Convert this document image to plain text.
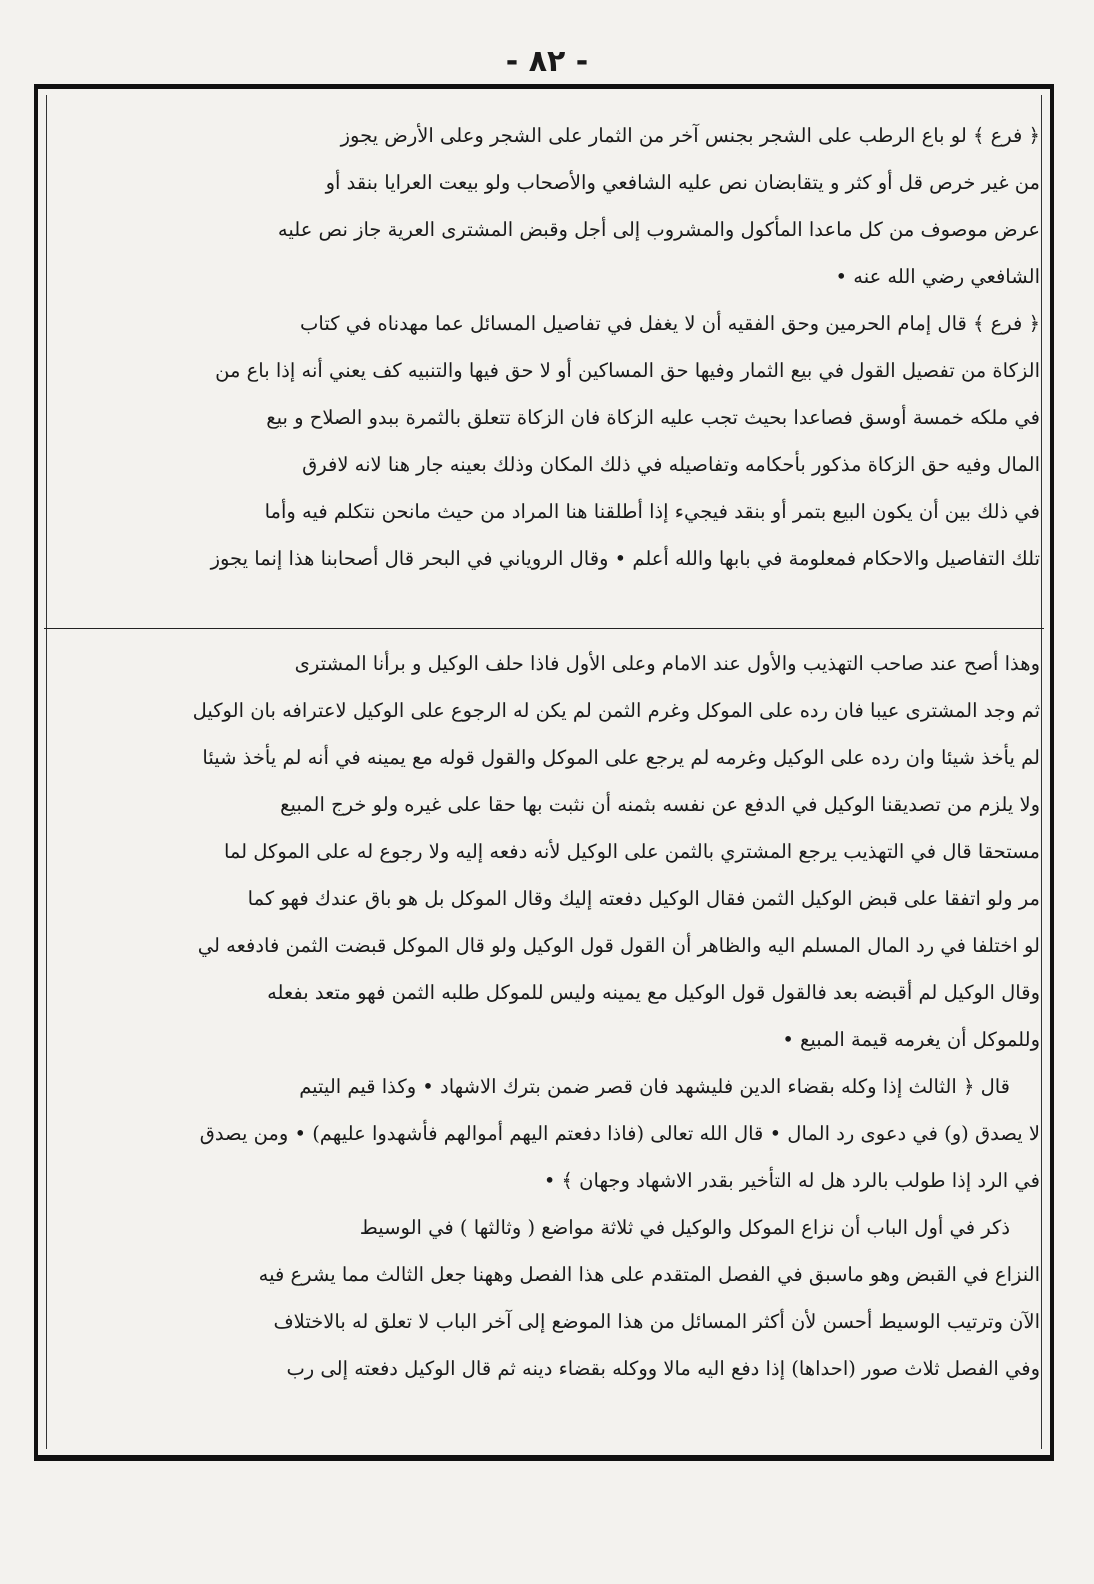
- ٨٢ -
﴿ فرع ﴾ لو باع الرطب على الشجر بجنس آخر من الثمار على الشجر وعلى الأرض يجوز
من غير خرص قل أو كثر و يتقابضان نص عليه الشافعي والأصحاب ولو بيعت العرايا بنقد أو
عرض موصوف من كل ماعدا المأكول والمشروب إلى أجل وقبض المشترى العرية جاز نص عليه
الشافعي رضي الله عنه •
﴿ فرع ﴾ قال إمام الحرمين وحق الفقيه أن لا يغفل في تفاصيل المسائل عما مهدناه في كتاب
الزكاة من تفصيل القول في بيع الثمار وفيها حق المساكين أو لا حق فيها والتنبيه كف يعني أنه إذا باع من
في ملكه خمسة أوسق فصاعدا بحيث تجب عليه الزكاة فان الزكاة تتعلق بالثمرة ببدو الصلاح و بيع
المال وفيه حق الزكاة مذكور بأحكامه وتفاصيله في ذلك المكان وذلك بعينه جار هنا لانه لافرق
في ذلك بين أن يكون البيع بتمر أو بنقد فيجيء إذا أطلقنا هنا المراد من حيث مانحن نتكلم فيه وأما
تلك التفاصيل والاحكام فمعلومة في بابها والله أعلم • وقال الروياني في البحر قال أصحابنا هذا إنما يجوز
وهذا أصح عند صاحب التهذيب والأول عند الامام وعلى الأول فاذا حلف الوكيل و برأنا المشترى
ثم وجد المشترى عيبا فان رده على الموكل وغرم الثمن لم يكن له الرجوع على الوكيل لاعترافه بان الوكيل
لم يأخذ شيئا وان رده على الوكيل وغرمه لم يرجع على الموكل والقول قوله مع يمينه في أنه لم يأخذ شيئا
ولا يلزم من تصديقنا الوكيل في الدفع عن نفسه بثمنه أن نثبت بها حقا على غيره ولو خرج المبيع
مستحقا قال في التهذيب يرجع المشتري بالثمن على الوكيل لأنه دفعه إليه ولا رجوع له على الموكل لما
مر ولو اتفقا على قبض الوكيل الثمن فقال الوكيل دفعته إليك وقال الموكل بل هو باق عندك فهو كما
لو اختلفا في رد المال المسلم اليه والظاهر أن القول قول الوكيل ولو قال الموكل قبضت الثمن فادفعه لي
وقال الوكيل لم أقبضه بعد فالقول قول الوكيل مع يمينه وليس للموكل طلبه الثمن فهو متعد بفعله
وللموكل أن يغرمه قيمة المبيع •
قال ﴿ الثالث إذا وكله بقضاء الدين فليشهد فان قصر ضمن بترك الاشهاد • وكذا قيم اليتيم
لا يصدق (و) في دعوى رد المال • قال الله تعالى (فاذا دفعتم اليهم أموالهم فأشهدوا عليهم) • ومن يصدق
في الرد إذا طولب بالرد هل له التأخير بقدر الاشهاد وجهان ﴾ •
ذكر في أول الباب أن نزاع الموكل والوكيل في ثلاثة مواضع ( وثالثها ) في الوسيط
النزاع في القبض وهو ماسبق في الفصل المتقدم على هذا الفصل وههنا جعل الثالث مما يشرع فيه
الآن وترتيب الوسيط أحسن لأن أكثر المسائل من هذا الموضع إلى آخر الباب لا تعلق له بالاختلاف
وفي الفصل ثلاث صور (احداها) إذا دفع اليه مالا ووكله بقضاء دينه ثم قال الوكيل دفعته إلى رب
